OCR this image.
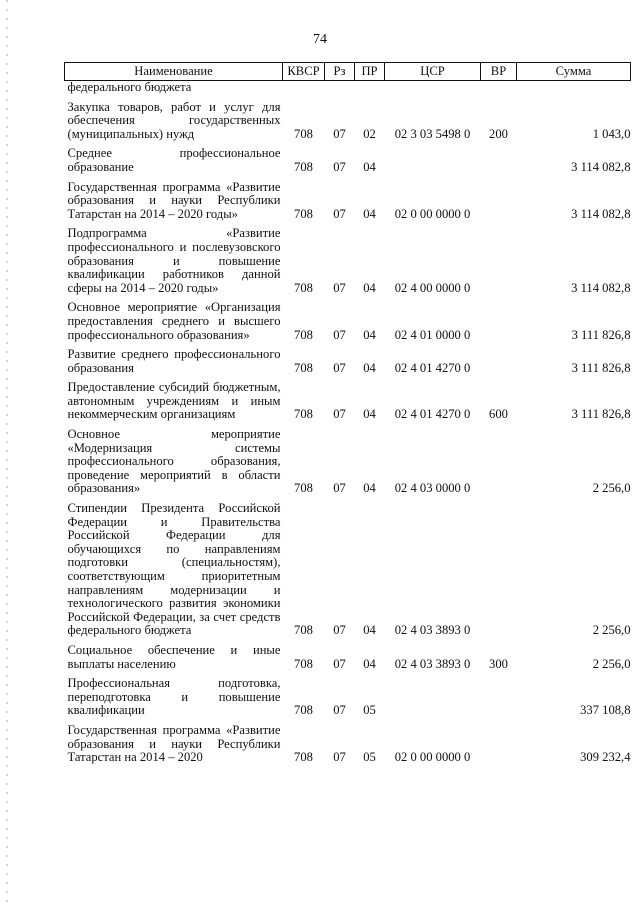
74
Наименование	КВСР	Рз	ПР	ЦСР	ВР	Сумма
федерального бюджета						
Закупка товаров, работ и услуг для обеспечения государственных (муниципальных) нужд	708	07	02	02 3 03 5498 0	200	1 043,0
Среднее профессиональное образование	708	07	04			3 114 082,8
Государственная программа «Развитие образования и науки Республики Татарстан на 2014 – 2020 годы»	708	07	04	02 0 00 0000 0		3 114 082,8
Подпрограмма «Развитие профессионального и послевузовского образования и повышение квалификации работников данной сферы на 2014 – 2020 годы»	708	07	04	02 4 00 0000 0		3 114 082,8
Основное мероприятие «Организация предоставления среднего и высшего профессионального образования»	708	07	04	02 4 01 0000 0		3 111 826,8
Развитие среднего профессионального образования	708	07	04	02 4 01 4270 0		3 111 826,8
Предоставление субсидий бюджетным, автономным учреждениям и иным некоммерческим организациям	708	07	04	02 4 01 4270 0	600	3 111 826,8
Основное мероприятие «Модернизация системы профессионального образования, проведение мероприятий в области образования»	708	07	04	02 4 03 0000 0		2 256,0
Стипендии Президента Российской Федерации и Правительства Российской Федерации для обучающихся по направлениям подготовки (специальностям), соответствующим приоритетным направлениям модернизации и технологического развития экономики Российской Федерации, за счет средств федерального бюджета	708	07	04	02 4 03 3893 0		2 256,0
Социальное обеспечение и иные выплаты населению	708	07	04	02 4 03 3893 0	300	2 256,0
Профессиональная подготовка, переподготовка и повышение квалификации	708	07	05			337 108,8
Государственная программа «Развитие образования и науки Республики Татарстан на 2014 – 2020	708	07	05	02 0 00 0000 0		309 232,4
